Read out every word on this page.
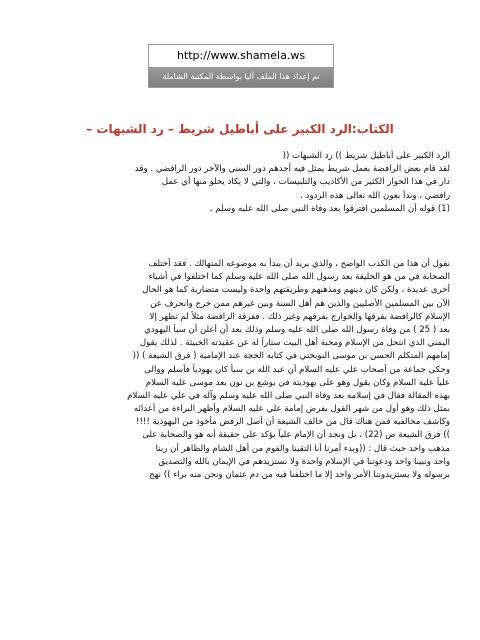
http://www.shamela.ws
تم إعداد هذا الملف آليا بواسطة المكتبة الشاملة
الكتاب:الرد الكبير على أباطيل شريط – رد الشبهات –
الرد الكبير على أباطيل شريط )) رد الشبهات ((
لقد قام بعض الرافضة بعمل شريط يمثل فيه أحدهم دور السني والآخر دور الرافضي . وقد
دار في هذا الحوار الكثير من الأكاذيب والتلبيسات ، والتي لا يكاد يخلو منها أي عمل
رافضي ، وندأ بعون الله تعالى هذه الردود .
(1) قوله أن المسلمين افترقوا بعد وفاة النبي صلى الله عليه وسلم .
نقول أن هذا من الكذب الواضح ، والذي يريد أن يبدأ به موضوعه المتهالك . فقد أختلف
الصحابة في من هو الخليفة بعد رسول الله صلى الله عليه وسلم كما اختلفوا في أشياء
أخرى عديدة ، ولكن كان دينهم ومذهبهم وطريقتهم واحدة وليست متضاربة كما هو الحال
الآن بين المسلمين الأصليين والذين هم أهل السنة وبين غيرهم ممن خرج وانحرف عن
الإسلام كالرافضة بفرقها والخوارج بفرقهم وغير ذلك . ففرقة الرافضة مثلاً لم تظهر إلا
بعد ( 25 ) من وفاة رسول الله صلى الله عليه وسلم وذلك بعد أن أعلن أن سبأ اليهودي
اليمني الذي انتحل من الإسلام ومحبة أهل البيت ستاراً له عن عقيدته الخبيثة . لذلك يقول
إمامهم المتكلم الحسن بن موسى النوبختي في كتابه الحجة عند الإمامية ( فرق الشيعة ) ((
وحكى جماعة من أصحاب علي عليه السلام أن عبد الله بن سبأ كان يهودياً فأسلم ووالى
علياً عليه السلام وكان يقول وهو على يهوديته في يوشع بن نون بعد موسى عليه السلام
بهذه المقالة فقال في إسلامه بعد وفاة النبي صلى الله عليه وسلم وآله في علي عليه السلام
بمثل ذلك وهو أول من شهر القول بفرض إمامة علي عليه السلام وأظهر البراءة من أعدائه
وكاشف مخالفيه فمن هناك قال من خالف الشيعة أن أصل الرفض مأخوذ من اليهودية !!!!
)) فرق الشيعة ص (22) ، بل ونجد أن الإمام علياً يؤكد على حقيقة أنه هو والصحابة على
مذهب واحد حيث قال : ((وبدء أمرنا أنا التقينا والقوم من أهل الشام والظاهر أن ربنا
واحد ونبينا واحد ودعوتنا في الإسلام واحدة ولا نستزيدهم في الإيمان بالله والتصديق
برسوله ولا يستزيدوننا الأمر واحد إلا ما اختلفنا فيه من دم عثمان ونحن منه براء )) نهج
